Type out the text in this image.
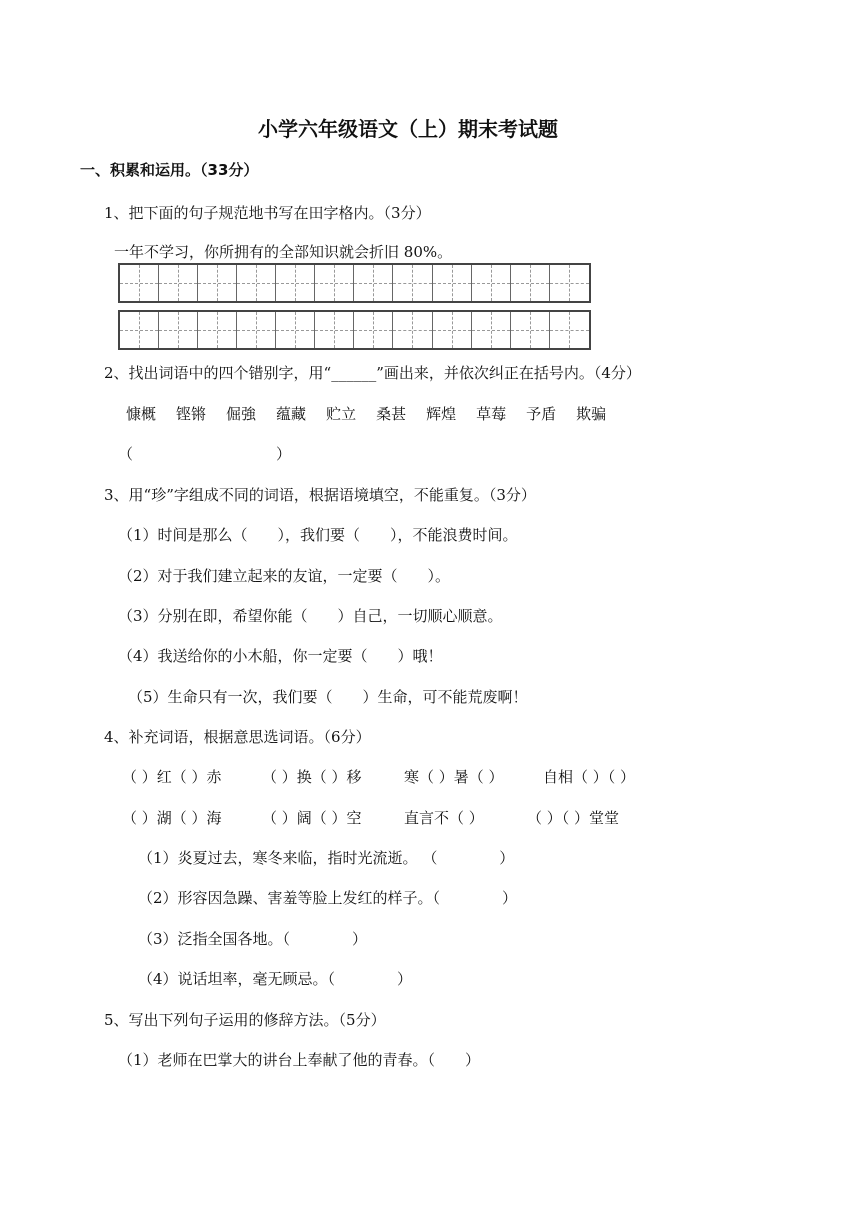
小学六年级语文（上）期末考试题
一、积累和运用。（33分）
1、把下面的句子规范地书写在田字格内。（3分）
一年不学习，你所拥有的全部知识就会折旧 80%。
2、找出词语中的四个错别字，用“______”画出来，并依次纠正在括号内。（4分）
慷概 铿锵 倔強 蕴藏 贮立 桑甚 辉煌 草莓 予盾 欺骗
（                              ）
3、用“珍”字组成不同的词语，根据语境填空，不能重复。（3分）
（1）时间是那么（　　），我们要（　　），不能浪费时间。
（2）对于我们建立起来的友谊，一定要（　　）。
（3）分别在即，希望你能（　　）自己，一切顺心顺意。
（4）我送给你的小木船，你一定要（　　）哦！
（5）生命只有一次，我们要（　　）生命，可不能荒废啊！
4、补充词语，根据意思选词语。（6分）
（ ）红（ ）赤	（ ）换（ ）移	寒（ ）暑（ ）	自相（ ）（ ）
（ ）湖（ ）海	（ ）阔（ ）空	直言不（ ）	（ ）（ ）堂堂
（1）炎夏过去，寒冬来临，指时光流逝。 （             ）
（2）形容因急躁、害羞等脸上发红的样子。（             ）
（3）泛指全国各地。（             ）
（4）说话坦率，毫无顾忌。（             ）
5、写出下列句子运用的修辞方法。（5分）
（1）老师在巴掌大的讲台上奉献了他的青春。（　　）
